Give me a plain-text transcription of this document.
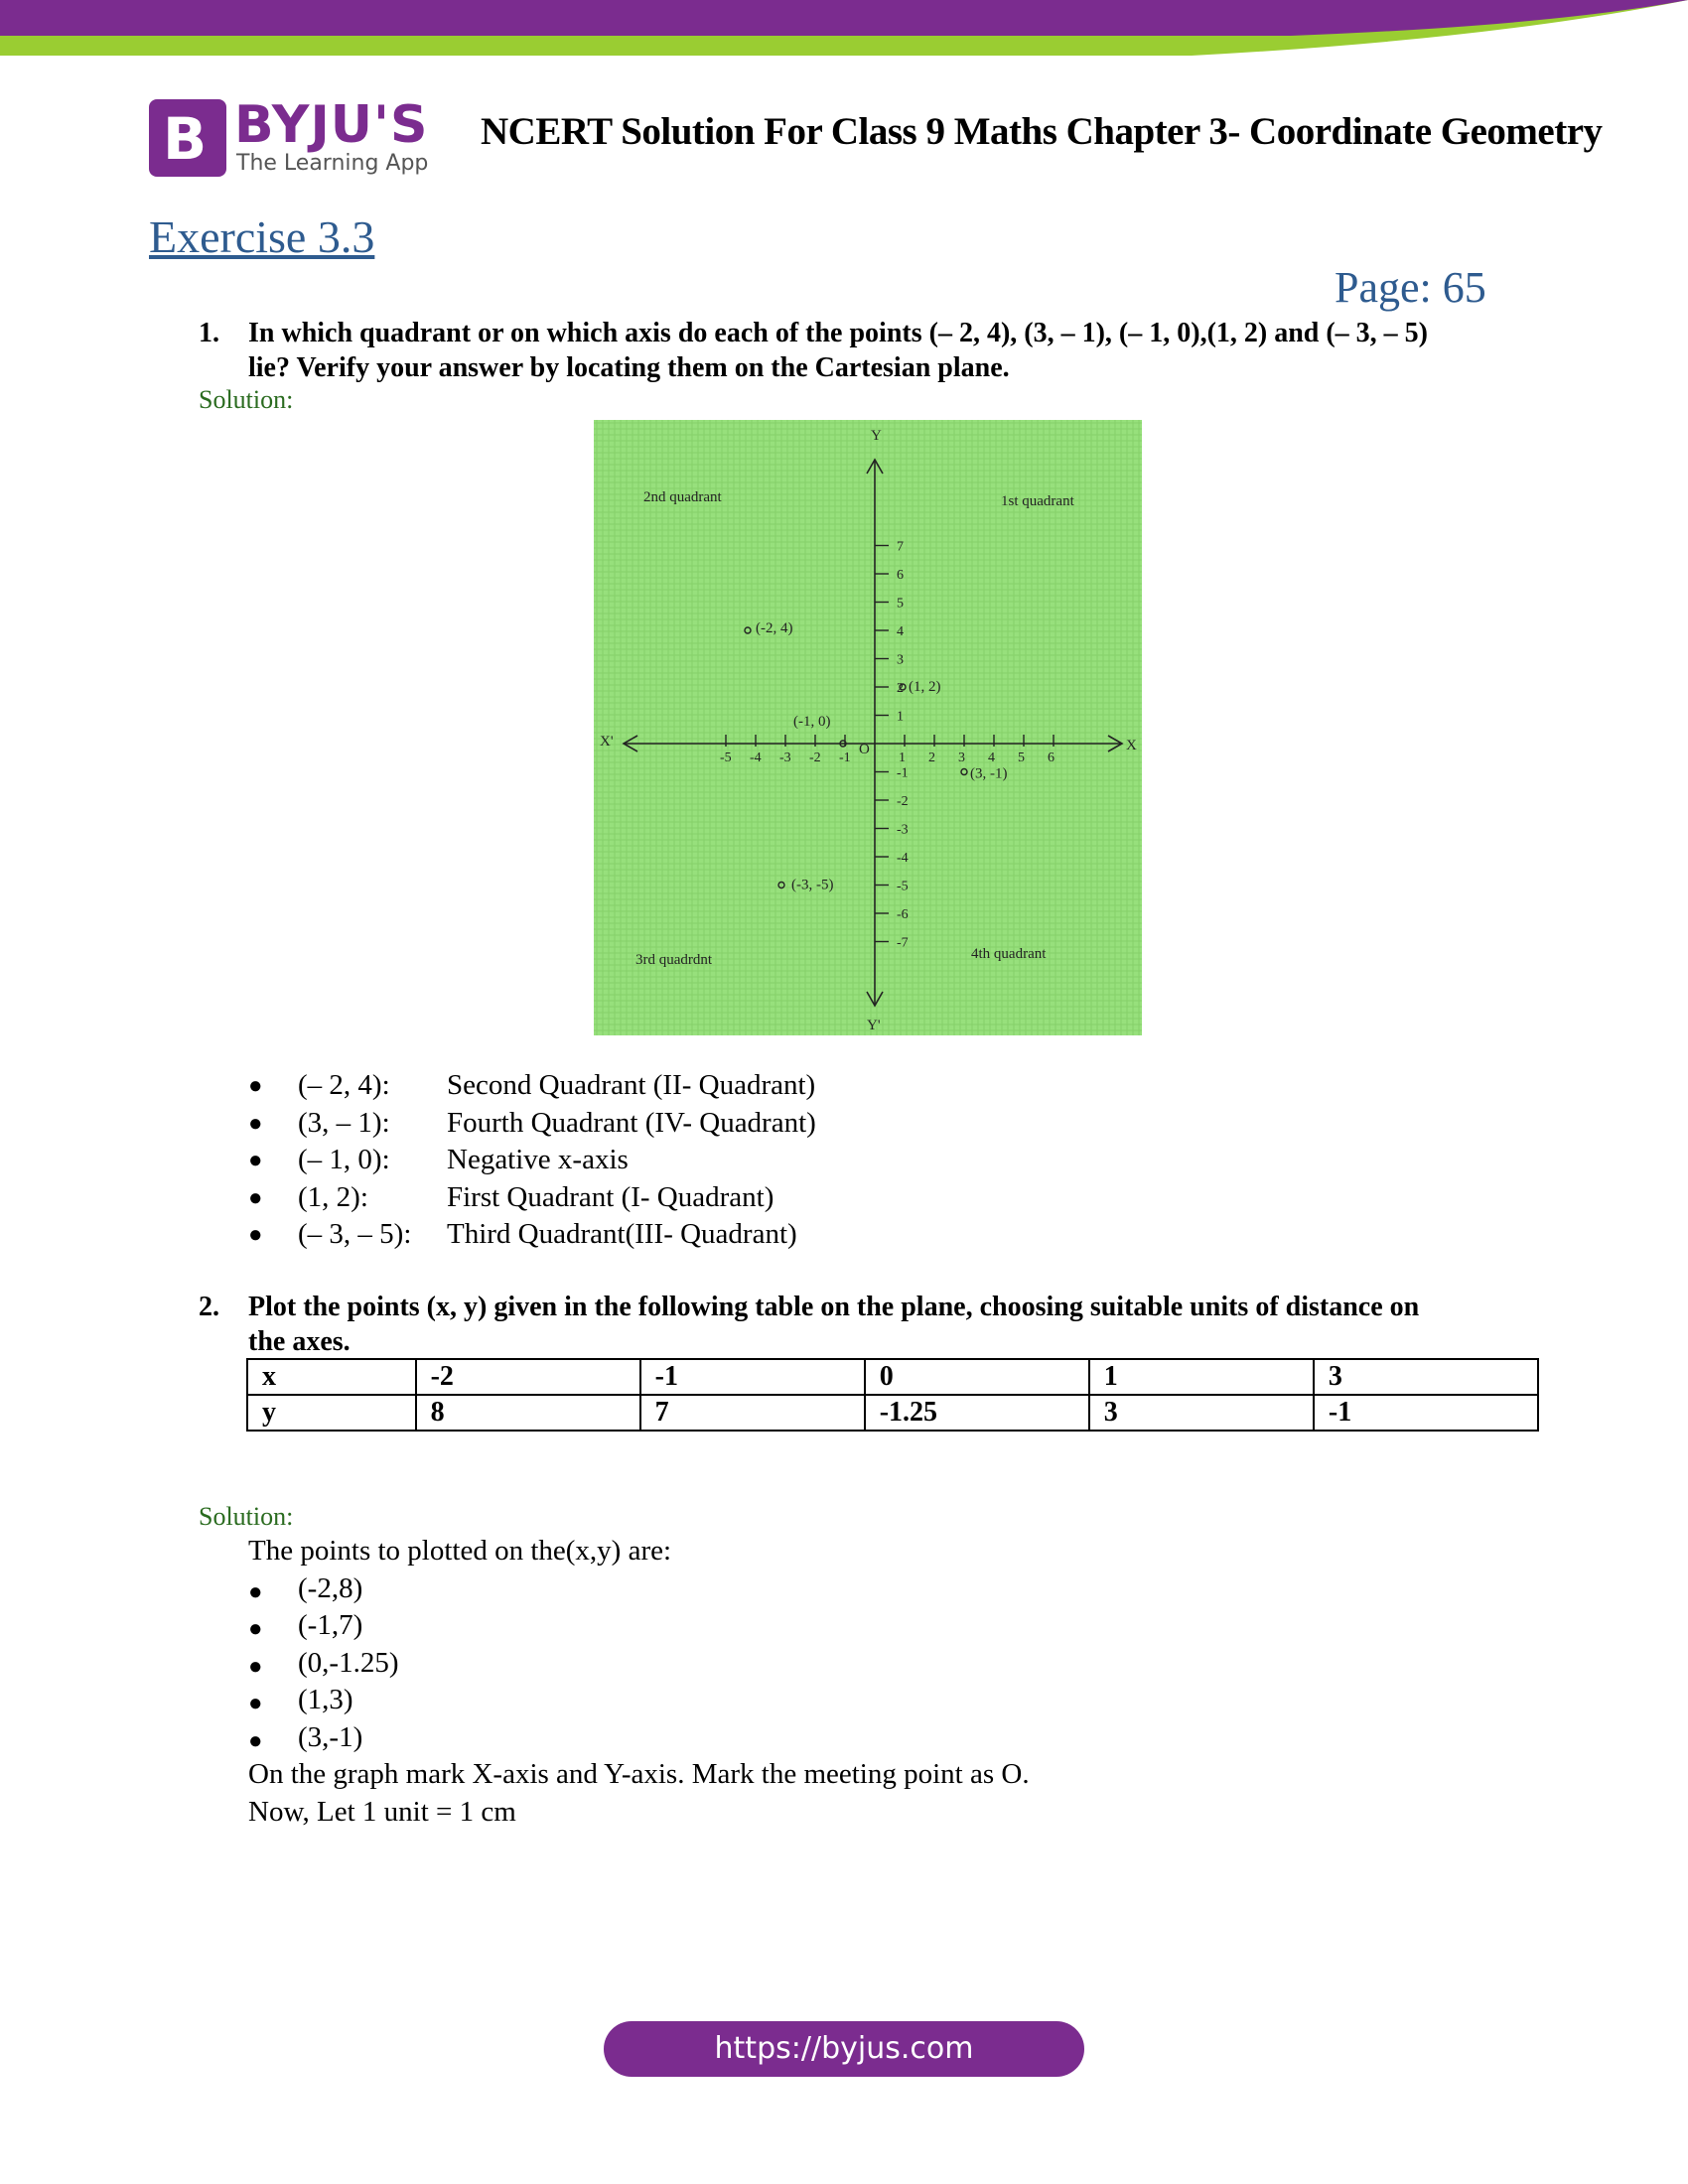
B BYJU'S
The Learning App
NCERT Solution For Class 9 Maths Chapter 3- Coordinate Geometry
Exercise 3.3
Page: 65
1. In which quadrant or on which axis do each of the points (– 2, 4), (3, – 1), (– 1, 0),(1, 2) and (– 3, – 5)
lie? Verify your answer by locating them on the Cartesian plane.
Solution:
X
X'
Y
Y'
O
-5 -4 -3 -2 -1	1 2 3 4 5 6
7
6
5
4
3
2
1
-1
-2
-3
-4
-5
-6
-7
2nd quadrant	1st quadrant
3rd quadrdnt	4th quadrant
(-2, 4)
(3, -1)
(-1, 0)
(1, 2)
(-3, -5)
● (– 2, 4): Second Quadrant (II- Quadrant)
● (3, – 1): Fourth Quadrant (IV- Quadrant)
● (– 1, 0): Negative x-axis
● (1, 2):	First Quadrant (I- Quadrant)
● (– 3, – 5): Third Quadrant(III- Quadrant)
2. Plot the points (x, y) given in the following table on the plane, choosing suitable units of distance on
the axes.
x	-2	-1	0	1	3
y	8	7	-1.25	3	-1
Solution:
The points to plotted on the(x,y) are:
● (-2,8)
● (-1,7)
● (0,-1.25)
● (1,3)
● (3,-1)
On the graph mark X-axis and Y-axis. Mark the meeting point as O.
Now, Let 1 unit = 1 cm
https://byjus.com
